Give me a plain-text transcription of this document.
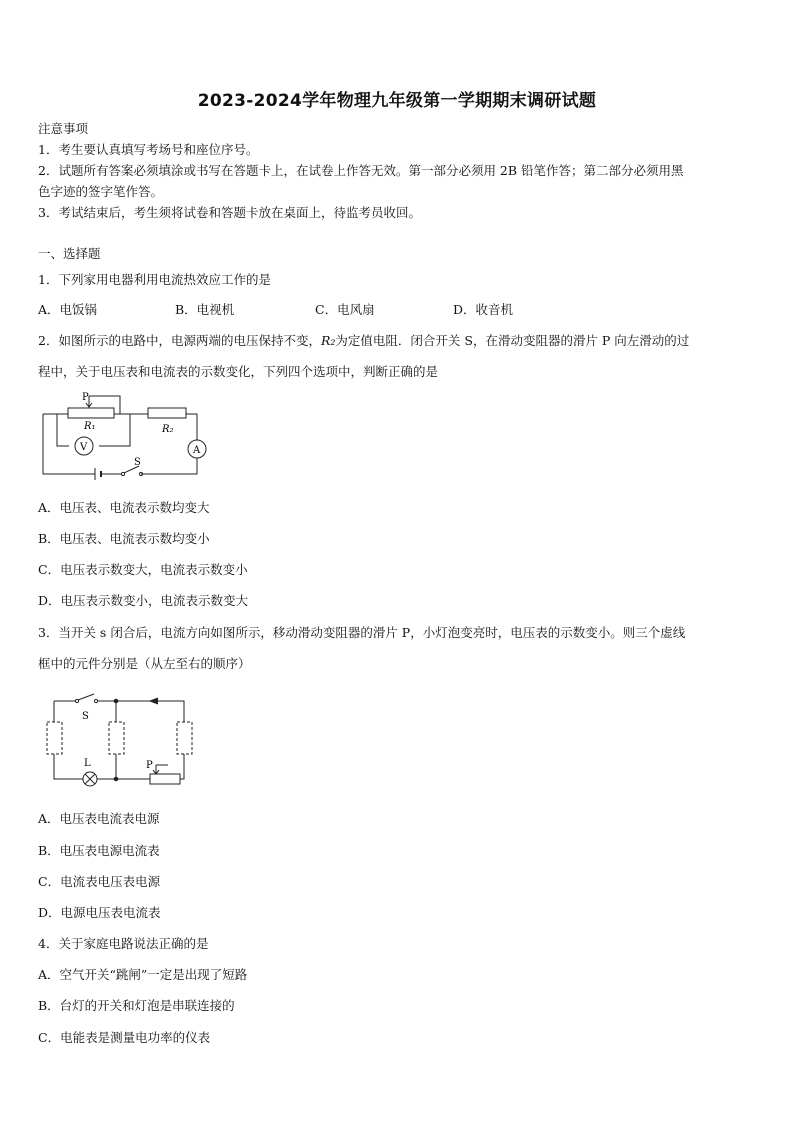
2023-2024学年物理九年级第一学期期末调研试题
注意事项
1．考生要认真填写考场号和座位序号。
2．试题所有答案必须填涂或书写在答题卡上，在试卷上作答无效。第一部分必须用 2B 铅笔作答；第二部分必须用黑
色字迹的签字笔作答。
3．考试结束后，考生须将试卷和答题卡放在桌面上，待监考员收回。
一、选择题
1．下列家用电器利用电流热效应工作的是
A．电饭锅	B．电视机	C．电风扇	D．收音机
2．如图所示的电路中，电源两端的电压保持不变，R₂为定值电阻．闭合开关 S，在滑动变阻器的滑片 P 向左滑动的过
程中，关于电压表和电流表的示数变化，下列四个选项中，判断正确的是
P
R₁	R₂
V	A
S
A．电压表、电流表示数均变大
B．电压表、电流表示数均变小
C．电压表示数变大，电流表示数变小
D．电压表示数变小，电流表示数变大
3．当开关 s 闭合后，电流方向如图所示，移动滑动变阻器的滑片 P，小灯泡变亮时，电压表的示数变小。则三个虚线
框中的元件分别是（从左至右的顺序）
S
L	P
A．电压表电流表电源
B．电压表电源电流表
C．电流表电压表电源
D．电源电压表电流表
4．关于家庭电路说法正确的是
A．空气开关“跳闸”一定是出现了短路
B．台灯的开关和灯泡是串联连接的
C．电能表是测量电功率的仪表
